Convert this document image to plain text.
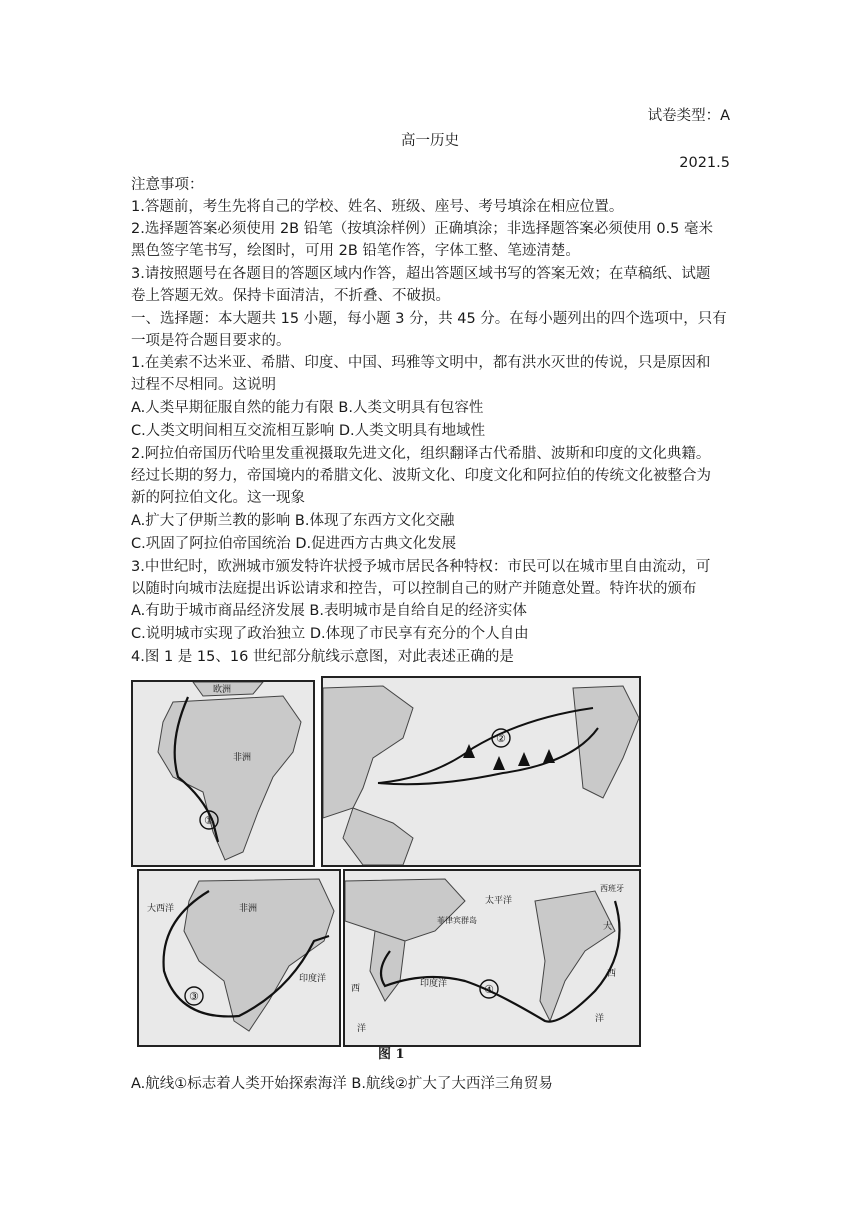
试卷类型：A
高一历史
2021.5
注意事项：
1.答题前，考生先将自己的学校、姓名、班级、座号、考号填涂在相应位置。
2.选择题答案必须使用 2B 铅笔（按填涂样例）正确填涂；非选择题答案必须使用 0.5 毫米
黑色签字笔书写，绘图时，可用 2B 铅笔作答，字体工整、笔迹清楚。
3.请按照题号在各题目的答题区域内作答，超出答题区域书写的答案无效；在草稿纸、试题
卷上答题无效。保持卡面清洁，不折叠、不破损。
一、选择题：本大题共 15 小题，每小题 3 分，共 45 分。在每小题列出的四个选项中，只有
一项是符合题目要求的。
1.在美索不达米亚、希腊、印度、中国、玛雅等文明中，都有洪水灭世的传说，只是原因和
过程不尽相同。这说明
A.人类早期征服自然的能力有限 B.人类文明具有包容性
C.人类文明间相互交流相互影响 D.人类文明具有地域性
2.阿拉伯帝国历代哈里发重视摄取先进文化，组织翻译古代希腊、波斯和印度的文化典籍。
经过长期的努力，帝国境内的希腊文化、波斯文化、印度文化和阿拉伯的传统文化被整合为
新的阿拉伯文化。这一现象
A.扩大了伊斯兰教的影响 B.体现了东西方文化交融
C.巩固了阿拉伯帝国统治 D.促进西方古典文化发展
3.中世纪时，欧洲城市颁发特许状授予城市居民各种特权：市民可以在城市里自由流动，可
以随时向城市法庭提出诉讼请求和控告，可以控制自己的财产并随意处置。特许状的颁布
A.有助于城市商品经济发展 B.表明城市是自给自足的经济实体
C.说明城市实现了政治独立 D.体现了市民享有充分的个人自由
4.图 1 是 15、16 世纪部分航线示意图，对此表述正确的是
①
非洲
欧洲
②
③
大西洋	非洲
印度洋
④
太平洋
印度洋
大
西
洋
西
洋
西班牙
菲律宾群岛
图 1
A.航线①标志着人类开始探索海洋 B.航线②扩大了大西洋三角贸易
